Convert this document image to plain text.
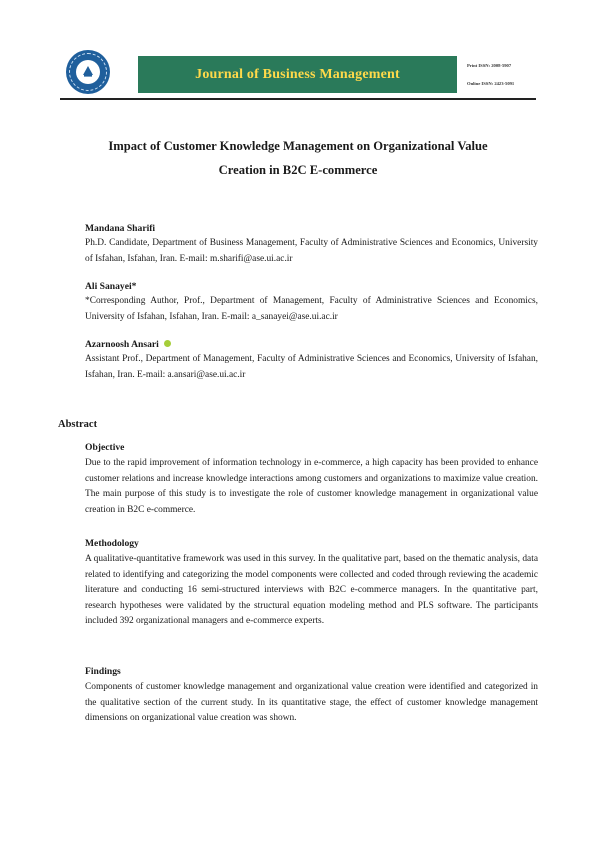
Journal of Business Management
Print ISSN: 2008-5907
Online ISSN: 2423-5091
Impact of Customer Knowledge Management on Organizational Value
Creation in B2C E-commerce
Mandana Sharifi
Ph.D. Candidate, Department of Business Management, Faculty of Administrative Sciences and Economics, University of Isfahan, Isfahan, Iran. E-mail: m.sharifi@ase.ui.ac.ir
Ali Sanayei*
*Corresponding Author, Prof., Department of Management, Faculty of Administrative Sciences and Economics, University of Isfahan, Isfahan, Iran. E-mail: a_sanayei@ase.ui.ac.ir
Azarnoosh Ansari
Assistant Prof., Department of Management, Faculty of Administrative Sciences and Economics, University of Isfahan, Isfahan, Iran. E-mail: a.ansari@ase.ui.ac.ir
Abstract
Objective

Due to the rapid improvement of information technology in e-commerce, a high capacity has been provided to enhance customer relations and increase knowledge interactions among customers and organizations to maximize value creation. The main purpose of this study is to investigate the role of customer knowledge management in organizational value creation in B2C e-commerce.

Methodology

A qualitative-quantitative framework was used in this survey. In the qualitative part, based on the thematic analysis, data related to identifying and categorizing the model components were collected and coded through reviewing the academic literature and conducting 16 semi-structured interviews with B2C e-commerce managers. In the quantitative part, research hypotheses were validated by the structural equation modeling method and PLS software. The participants included 392 organizational managers and e-commerce experts.

Findings

Components of customer knowledge management and organizational value creation were identified and categorized in the qualitative section of the current study. In its quantitative stage, the effect of customer knowledge management dimensions on organizational value creation was shown.
